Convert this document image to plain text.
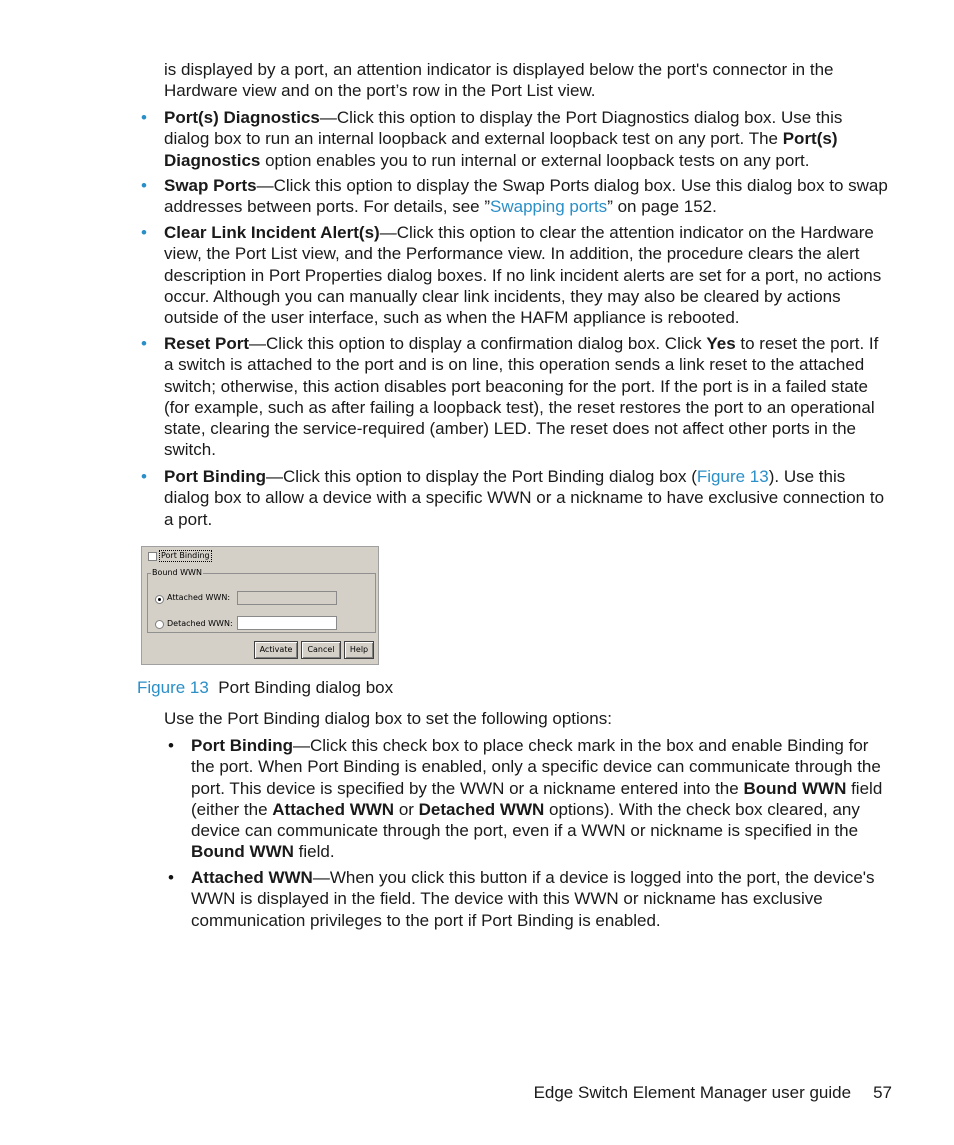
is displayed by a port, an attention indicator is displayed below the port's connector in the Hardware view and on the port’s row in the Port List view.

• Port(s) Diagnostics—Click this option to display the Port Diagnostics dialog box. Use this dialog box to run an internal loopback and external loopback test on any port. The Port(s) Diagnostics option enables you to run internal or external loopback tests on any port.

• Swap Ports—Click this option to display the Swap Ports dialog box. Use this dialog box to swap addresses between ports. For details, see ”Swapping ports” on page 152.

• Clear Link Incident Alert(s)—Click this option to clear the attention indicator on the Hardware view, the Port List view, and the Performance view. In addition, the procedure clears the alert description in Port Properties dialog boxes. If no link incident alerts are set for a port, no actions occur. Although you can manually clear link incidents, they may also be cleared by actions outside of the user interface, such as when the HAFM appliance is rebooted.

• Reset Port—Click this option to display a confirmation dialog box. Click Yes to reset the port. If a switch is attached to the port and is on line, this operation sends a link reset to the attached switch; otherwise, this action disables port beaconing for the port. If the port is in a failed state (for example, such as after failing a loopback test), the reset restores the port to an operational state, clearing the service-required (amber) LED. The reset does not affect other ports in the switch.

• Port Binding—Click this option to display the Port Binding dialog box (Figure 13). Use this dialog box to allow a device with a specific WWN or a nickname to have exclusive connection to a port.

Port Binding
Bound WWN
Attached WWN:
Detached WWN:
Activate	Cancel	Help

Figure 13 Port Binding dialog box

Use the Port Binding dialog box to set the following options:

• Port Binding—Click this check box to place check mark in the box and enable Binding for the port. When Port Binding is enabled, only a specific device can communicate through the port. This device is specified by the WWN or a nickname entered into the Bound WWN field (either the Attached WWN or Detached WWN options). With the check box cleared, any device can communicate through the port, even if a WWN or nickname is specified in the Bound WWN field.

• Attached WWN—When you click this button if a device is logged into the port, the device's WWN is displayed in the field. The device with this WWN or nickname has exclusive communication privileges to the port if Port Binding is enabled.

Edge Switch Element Manager user guide 57
